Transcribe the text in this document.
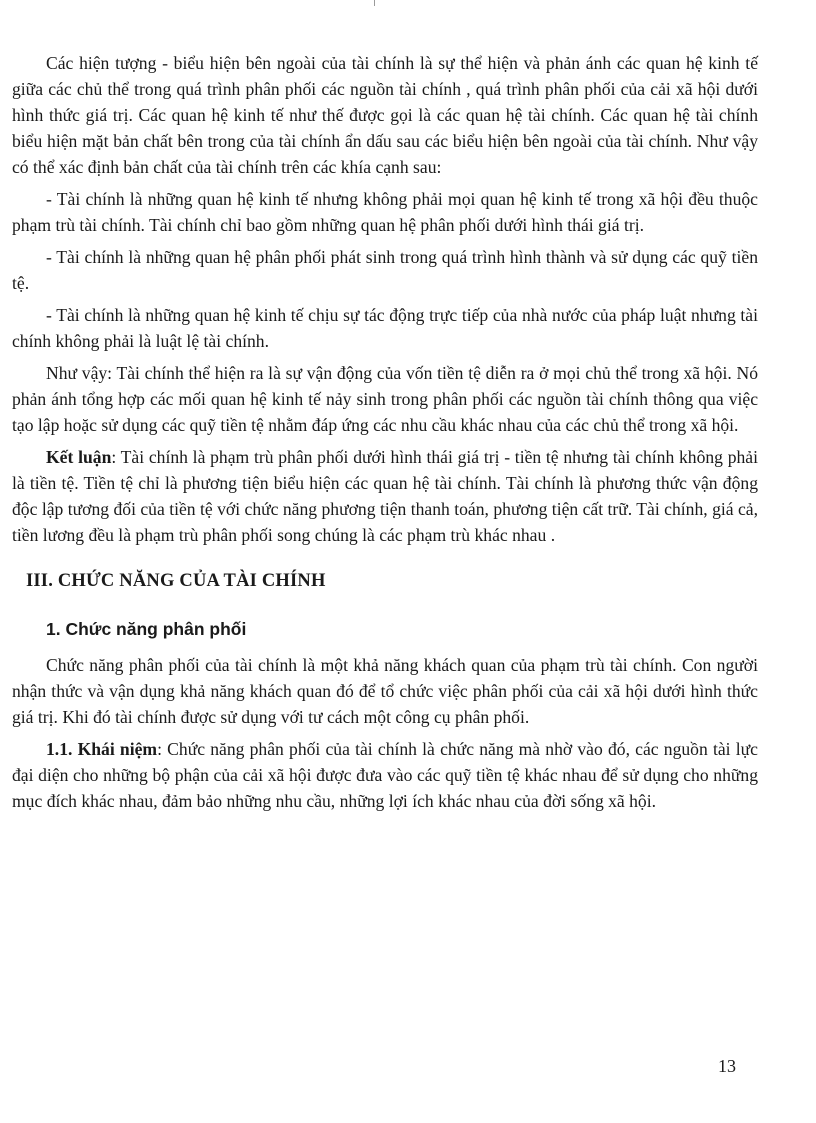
Các hiện tượng - biểu hiện bên ngoài của tài chính là sự thể hiện và phản ánh các quan hệ kinh tế giữa các chủ thể trong quá trình phân phối các nguồn tài chính , quá trình phân phối của cải xã hội dưới hình thức giá trị. Các quan hệ kinh tế như thế được gọi là các quan hệ tài chính. Các quan hệ tài chính biểu hiện mặt bản chất bên trong của tài chính ẩn dấu sau các biểu hiện bên ngoài của tài chính. Như vậy có thể xác định bản chất của tài chính trên các khía cạnh sau:

- Tài chính là những quan hệ kinh tế nhưng không phải mọi quan hệ kinh tế trong xã hội đều thuộc phạm trù tài chính. Tài chính chỉ bao gồm những quan hệ phân phối dưới hình thái giá trị.

- Tài chính là những quan hệ phân phối phát sinh trong quá trình hình thành và sử dụng các quỹ tiền tệ.

- Tài chính là những quan hệ kinh tế chịu sự tác động trực tiếp của nhà nước của pháp luật nhưng tài chính không phải là luật lệ tài chính.

Như vậy: Tài chính thể hiện ra là sự vận động của vốn tiền tệ diễn ra ở mọi chủ thể trong xã hội. Nó phản ánh tổng hợp các mối quan hệ kinh tế nảy sinh trong phân phối các nguồn tài chính thông qua việc tạo lập hoặc sử dụng các quỹ tiền tệ nhằm đáp ứng các nhu cầu khác nhau của các chủ thể trong xã hội.

Kết luận: Tài chính là phạm trù phân phối dưới hình thái giá trị - tiền tệ nhưng tài chính không phải là tiền tệ. Tiền tệ chỉ là phương tiện biểu hiện các quan hệ tài chính. Tài chính là phương thức vận động độc lập tương đối của tiền tệ với chức năng phương tiện thanh toán, phương tiện cất trữ. Tài chính, giá cả, tiền lương đều là phạm trù phân phối song chúng là các phạm trù khác nhau .

III. CHỨC NĂNG CỦA TÀI CHÍNH
1. Chức năng phân phối

Chức năng phân phối của tài chính là một khả năng khách quan của phạm trù tài chính. Con người nhận thức và vận dụng khả năng khách quan đó để tổ chức việc phân phối của cải xã hội dưới hình thức giá trị. Khi đó tài chính được sử dụng với tư cách một công cụ phân phối.

1.1. Khái niệm: Chức năng phân phối của tài chính là chức năng mà nhờ vào đó, các nguồn tài lực đại diện cho những bộ phận của cải xã hội được đưa vào các quỹ tiền tệ khác nhau để sử dụng cho những mục đích khác nhau, đảm bảo những nhu cầu, những lợi ích khác nhau của đời sống xã hội.

13
